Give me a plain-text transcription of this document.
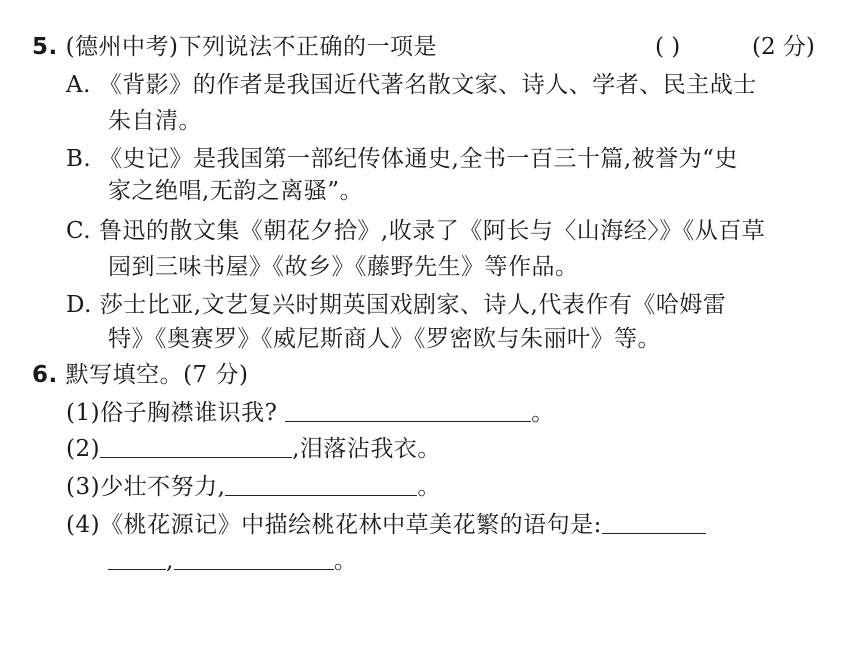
5. (德州中考)下列说法不正确的一项是	( )	(2 分)
A. 《背影》的作者是我国近代著名散文家、诗人、学者、民主战士
朱自清。
B. 《史记》是我国第一部纪传体通史,全书一百三十篇,被誉为“史
家之绝唱,无韵之离骚”。
C. 鲁迅的散文集《朝花夕拾》,收录了《阿长与〈山海经〉》《从百草
园到三味书屋》《故乡》《藤野先生》等作品。
D. 莎士比亚,文艺复兴时期英国戏剧家、诗人,代表作有《哈姆雷
特》《奥赛罗》《威尼斯商人》《罗密欧与朱丽叶》等。
6. 默写填空。(7 分)
(1)俗子胸襟谁识我?	。
(2)	,泪落沾我衣。
(3)少壮不努力,	。
(4)《桃花源记》中描绘桃花林中草美花繁的语句是:
,	。
